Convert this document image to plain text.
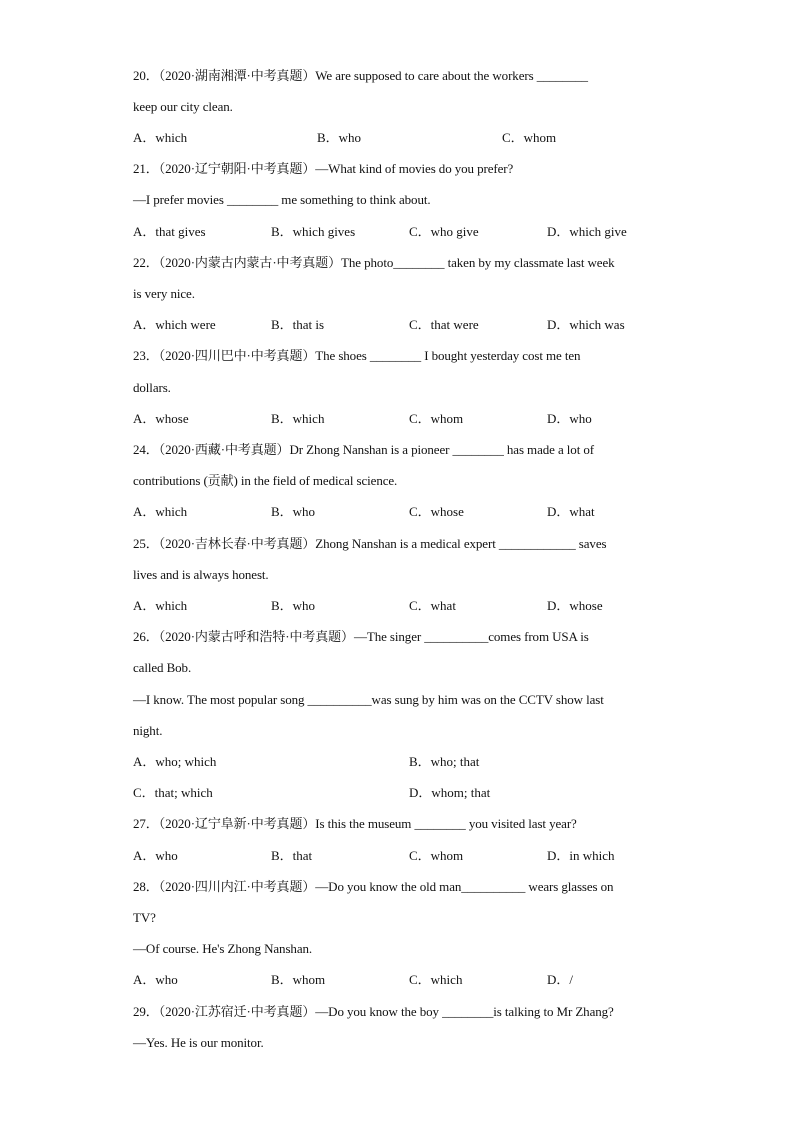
20．（2020·湖南湘潭·中考真题）We are supposed to care about the workers ________
keep our city clean.
A．which	B．who	C．whom
21．（2020·辽宁朝阳·中考真题）—What kind of movies do you prefer?
—I prefer movies ________ me something to think about.
A．that gives	B．which gives	C．who give	D．which give
22．（2020·内蒙古内蒙古·中考真题）The photo________ taken by my classmate last week
is very nice.
A．which were	B．that is	C．that were	D．which was
23．（2020·四川巴中·中考真题）The shoes ________ I bought yesterday cost me ten
dollars.
A．whose	B．which	C．whom	D．who
24．（2020·西藏·中考真题）Dr Zhong Nanshan is a pioneer ________ has made a lot of
contributions (贡献) in the field of medical science.
A．which	B．who	C．whose	D．what
25．（2020·吉林长春·中考真题）Zhong Nanshan is a medical expert ____________ saves
lives and is always honest.
A．which	B．who	C．what	D．whose
26．（2020·内蒙古呼和浩特·中考真题）—The singer __________comes from USA is
called Bob.
—I know. The most popular song __________was sung by him was on the CCTV show last
night.
A．who; which	B．who; that
C．that; which	D．whom; that
27．（2020·辽宁阜新·中考真题）Is this the museum ________ you visited last year?
A．who	B．that	C．whom	D．in which
28．（2020·四川内江·中考真题）—Do you know the old man__________ wears glasses on
TV?
—Of course. He's Zhong Nanshan.
A．who	B．whom	C．which	D．/
29．（2020·江苏宿迁·中考真题）—Do you know the boy ________is talking to Mr Zhang?
—Yes. He is our monitor.
